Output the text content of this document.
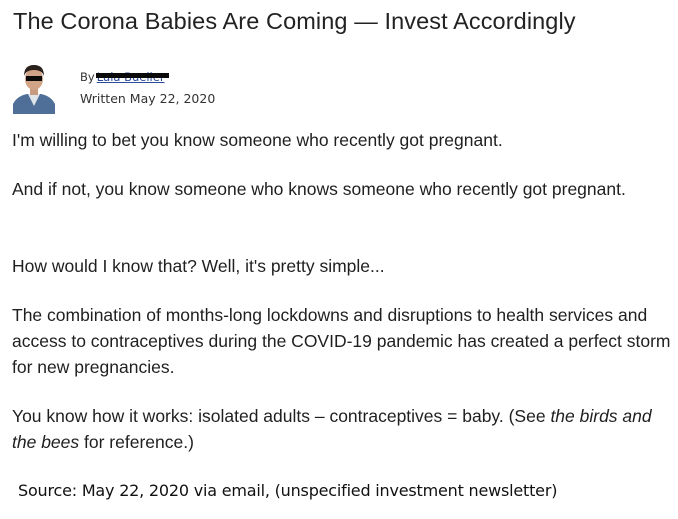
The Corona Babies Are Coming — Invest Accordingly
By
Written May 22, 2020
I'm willing to bet you know someone who recently got pregnant.
And if not, you know someone who knows someone who recently got pregnant.
How would I know that? Well, it's pretty simple...
The combination of months-long lockdowns and disruptions to health services and access to contraceptives during the COVID-19 pandemic has created a perfect storm for new pregnancies.
You know how it works: isolated adults – contraceptives = baby. (See the birds and the bees for reference.)
Source: May 22, 2020 via email, (unspecified investment newsletter)
